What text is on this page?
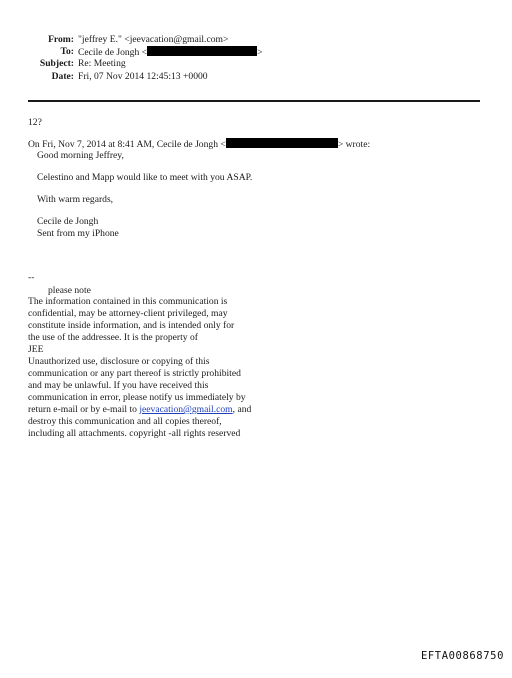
From: "jeffrey E." <jeevacation@gmail.com>
To: Cecile de Jongh <	>
Subject: Re: Meeting
Date: Fri, 07 Nov 2014 12:45:13 +0000
12?
On Fri, Nov 7, 2014 at 8:41 AM, Cecile de Jongh <	> wrote:
Good morning Jeffrey,
Celestino and Mapp would like to meet with you ASAP.
With warm regards,
Cecile de Jongh
Sent from my iPhone
--
please note
The information contained in this communication is
confidential, may be attorney-client privileged, may
constitute inside information, and is intended only for
the use of the addressee. It is the property of
JEE
Unauthorized use, disclosure or copying of this
communication or any part thereof is strictly prohibited
and may be unlawful. If you have received this
communication in error, please notify us immediately by
return e-mail or by e-mail to jeevacation@gmail.com, and
destroy this communication and all copies thereof,
including all attachments. copyright -all rights reserved
EFTA00868750
